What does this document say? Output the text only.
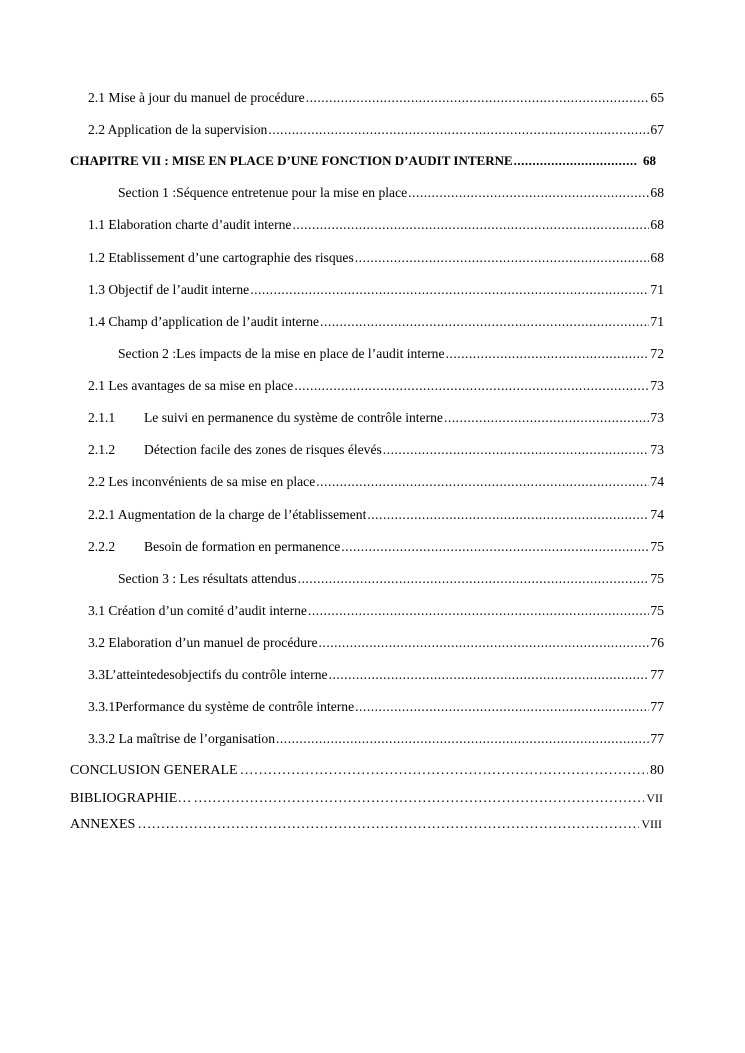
2.1 Mise à jour du manuel de procédure .....	65
2.2 Application de la supervision .....	67
CHAPITRE VII : MISE EN PLACE D’UNE FONCTION D’AUDIT INTERNE .....	68
Section 1 :Séquence entretenue pour la mise en place .....	68
1.1 Elaboration charte d’audit interne .....	68
1.2 Etablissement d’une cartographie des risques .....	68
1.3 Objectif de l’audit interne .....	71
1.4 Champ d’application de l’audit interne .....	71
Section 2 :Les impacts de la mise en place de l’audit interne .....	72
2.1 Les avantages de sa mise en place .....	73
2.1.1	Le suivi en permanence du système de contrôle interne .....	73
2.1.2	Détection facile des zones de risques élevés .....	73
2.2 Les inconvénients de sa mise en place .....	74
2.2.1 Augmentation de la charge de l’établissement .....	74
2.2.2	Besoin de formation en permanence .....	75
Section 3 : Les résultats attendus .....	75
3.1 Création d’un comité d’audit interne .....	75
3.2 Elaboration d’un manuel de procédure .....	76
3.3L’atteintedesobjectifs du contrôle interne .....	77
3.3.1Performance du système de contrôle interne .....	77
3.3.2 La maîtrise de l’organisation .....	77
CONCLUSION GENERALE ………………………………………………………………………………………………………………………………………………………………………………………………	80
BIBLIOGRAPHIE… ………………………………………………………………………………………………………………………………………………………………………………………………	VII
ANNEXES ………………………………………………………………………………………………………………………………………………………………………………………………	VIII
